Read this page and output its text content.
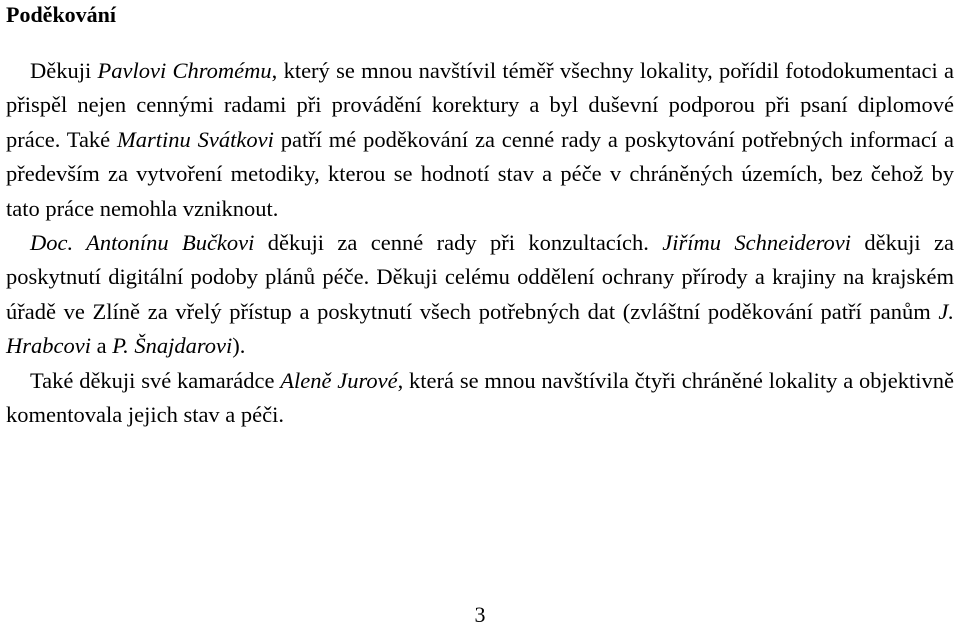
Poděkování

Děkuji Pavlovi Chromému, který se mnou navštívil téměř všechny lokality, pořídil fotodokumentaci a přispěl nejen cennými radami při provádění korektury a byl duševní podporou při psaní diplomové práce. Také Martinu Svátkovi patří mé poděkování za cenné rady a poskytování potřebných informací a především za vytvoření metodiky, kterou se hodnotí stav a péče v chráněných územích, bez čehož by tato práce nemohla vzniknout.

Doc. Antonínu Bučkovi děkuji za cenné rady při konzultacích. Jiřímu Schneiderovi děkuji za poskytnutí digitální podoby plánů péče. Děkuji celému oddělení ochrany přírody a krajiny na krajském úřadě ve Zlíně za vřelý přístup a poskytnutí všech potřebných dat (zvláštní poděkování patří panům J. Hrabcovi a P. Šnajdarovi).

Také děkuji své kamarádce Aleně Jurové, která se mnou navštívila čtyři chráněné lokality a objektivně komentovala jejich stav a péči.

3
